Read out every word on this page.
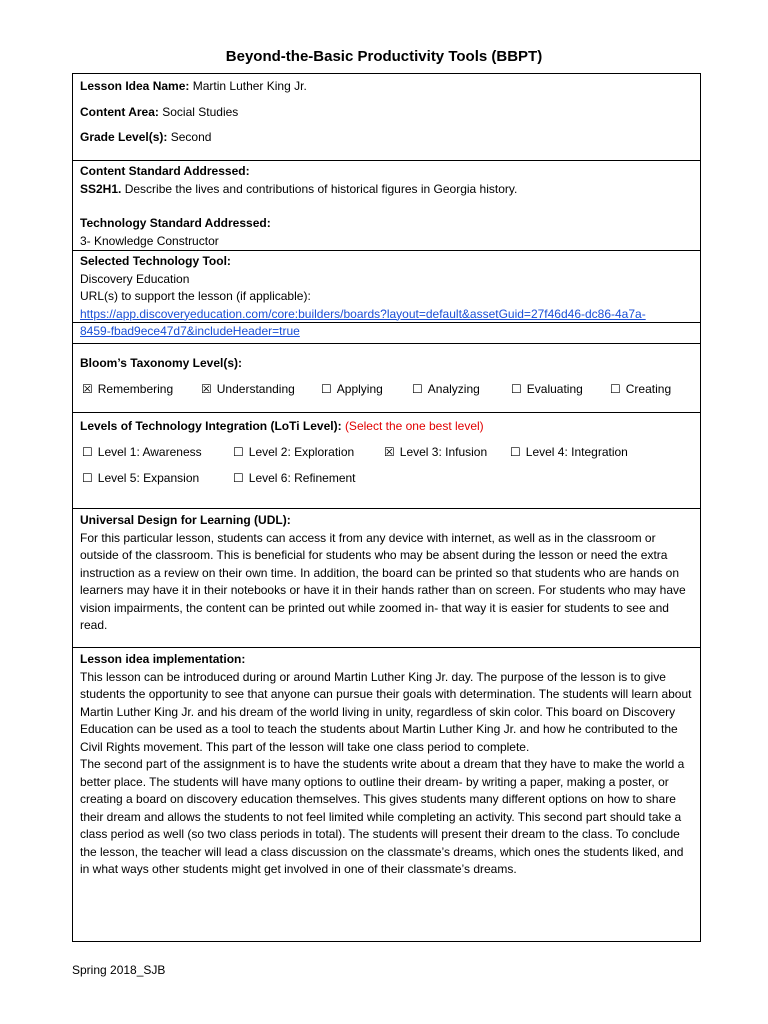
Beyond-the-Basic Productivity Tools (BBPT)
Lesson Idea Name: Martin Luther King Jr.
Content Area: Social Studies
Grade Level(s): Second
Content Standard Addressed:
SS2H1. Describe the lives and contributions of historical figures in Georgia history.
Technology Standard Addressed:
3- Knowledge Constructor
Selected Technology Tool:
Discovery Education
URL(s) to support the lesson (if applicable):
https://app.discoveryeducation.com/core:builders/boards?layout=default&assetGuid=27f46d46-dc86-4a7a-
8459-fbad9ece47d7&includeHeader=true
Bloom’s Taxonomy Level(s):
☒ Remembering ☒ Understanding ☐ Applying ☐ Analyzing	☐ Evaluating ☐ Creating
Levels of Technology Integration (LoTi Level): (Select the one best level)
☐ Level 1: Awareness	☐ Level 2: Exploration ☒ Level 3: Infusion ☐ Level 4: Integration
☐ Level 5: Expansion	☐ Level 6: Refinement
Universal Design for Learning (UDL):
For this particular lesson, students can access it from any device with internet, as well as in the classroom or outside of the classroom. This is beneficial for students who may be absent during the lesson or need the extra instruction as a review on their own time. In addition, the board can be printed so that students who are hands on learners may have it in their notebooks or have it in their hands rather than on screen. For students who may have vision impairments, the content can be printed out while zoomed in- that way it is easier for students to see and read.
Lesson idea implementation:
This lesson can be introduced during or around Martin Luther King Jr. day. The purpose of the lesson is to give students the opportunity to see that anyone can pursue their goals with determination. The students will learn about Martin Luther King Jr. and his dream of the world living in unity, regardless of skin color. This board on Discovery Education can be used as a tool to teach the students about Martin Luther King Jr. and how he contributed to the Civil Rights movement. This part of the lesson will take one class period to complete.
The second part of the assignment is to have the students write about a dream that they have to make the world a better place. The students will have many options to outline their dream- by writing a paper, making a poster, or creating a board on discovery education themselves. This gives students many different options on how to share their dream and allows the students to not feel limited while completing an activity. This second part should take a class period as well (so two class periods in total). The students will present their dream to the class. To conclude the lesson, the teacher will lead a class discussion on the classmate’s dreams, which ones the students liked, and in what ways other students might get involved in one of their classmate’s dreams.
Spring 2018_SJB
